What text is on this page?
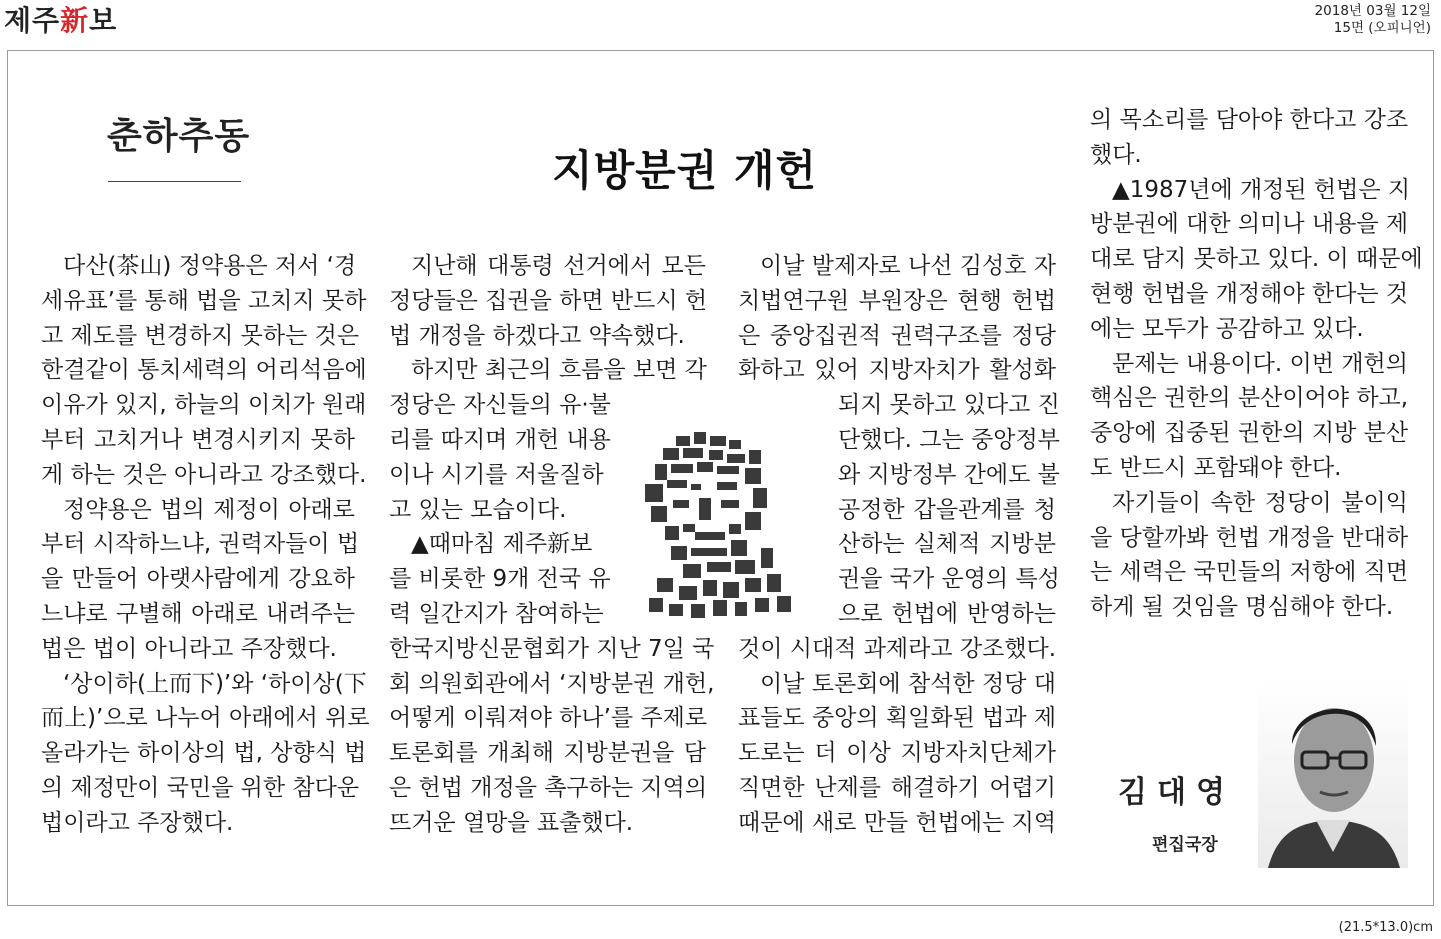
제주 新 보	2018년 03월 12일
15면 (오피니언)
춘하추동
지방분권 개헌
다산(茶山) 정약용은 저서 ‘경
세유표’를 통해 법을 고치지 못하
고 제도를 변경하지 못하는 것은
한결같이 통치세력의 어리석음에
이유가 있지, 하늘의 이치가 원래
부터 고치거나 변경시키지 못하
게 하는 것은 아니라고 강조했다.
정약용은 법의 제정이 아래로
부터 시작하느냐, 권력자들이 법
을 만들어 아랫사람에게 강요하
느냐로 구별해 아래로 내려주는
법은 법이 아니라고 주장했다.
‘상이하(上而下)’와 ‘하이상(下
而上)’으로 나누어 아래에서 위로
올라가는 하이상의 법, 상향식 법
의 제정만이 국민을 위한 참다운
법이라고 주장했다.
지난해 대통령 선거에서 모든
정당들은 집권을 하면 반드시 헌
법 개정을 하겠다고 약속했다.
하지만 최근의 흐름을 보면 각
정당은 자신들의 유·불
리를 따지며 개헌 내용
이나 시기를 저울질하
고 있는 모습이다.
▲때마침 제주新보
를 비롯한 9개 전국 유
력 일간지가 참여하는
한국지방신문협회가 지난 7일 국
회 의원회관에서 ‘지방분권 개헌,
어떻게 이뤄져야 하나’를 주제로
토론회를 개최해 지방분권을 담
은 헌법 개정을 촉구하는 지역의
뜨거운 열망을 표출했다.
이날 발제자로 나선 김성호 자
치법연구원 부원장은 현행 헌법
은 중앙집권적 권력구조를 정당
화하고 있어 지방자치가 활성화
되지 못하고 있다고 진
단했다. 그는 중앙정부
와 지방정부 간에도 불
공정한 갑을관계를 청
산하는 실체적 지방분
권을 국가 운영의 특성
으로 헌법에 반영하는
것이 시대적 과제라고 강조했다.
이날 토론회에 참석한 정당 대
표들도 중앙의 획일화된 법과 제
도로는 더 이상 지방자치단체가
직면한 난제를 해결하기 어렵기
때문에 새로 만들 헌법에는 지역
의 목소리를 담아야 한다고 강조
했다.
▲1987년에 개정된 헌법은 지
방분권에 대한 의미나 내용을 제
대로 담지 못하고 있다. 이 때문에
현행 헌법을 개정해야 한다는 것
에는 모두가 공감하고 있다.
문제는 내용이다. 이번 개헌의
핵심은 권한의 분산이어야 하고,
중앙에 집중된 권한의 지방 분산
도 반드시 포함돼야 한다.
자기들이 속한 정당이 불이익
을 당할까봐 헌법 개정을 반대하
는 세력은 국민들의 저항에 직면
하게 될 것임을 명심해야 한다.
김대영
편집국장
(21.5*13.0)cm
